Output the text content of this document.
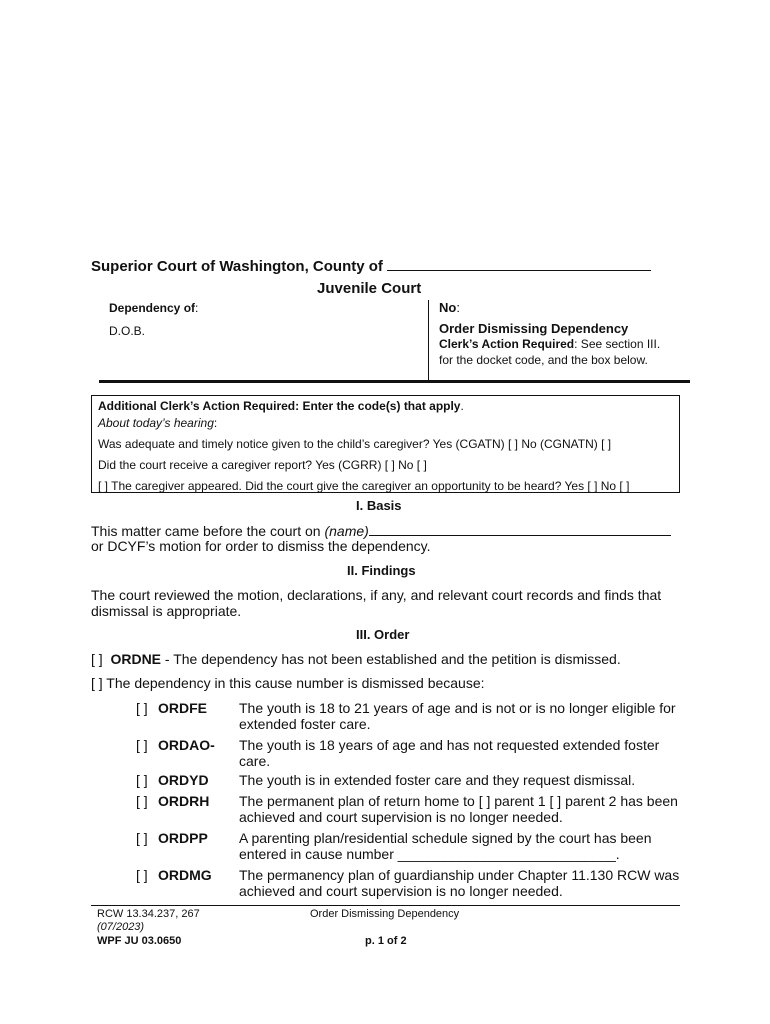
Superior Court of Washington, County of
Juvenile Court
Dependency of:
D.O.B.
No:
Order Dismissing Dependency
Clerk’s Action Required: See section III.
for the docket code, and the box below.
Additional Clerk’s Action Required: Enter the code(s) that apply.
About today’s hearing:
Was adequate and timely notice given to the child’s caregiver? Yes (CGATN) [ ] No (CGNATN) [ ]
Did the court receive a caregiver report? Yes (CGRR) [ ] No [ ]
[ ] The caregiver appeared. Did the court give the caregiver an opportunity to be heard? Yes [ ] No [ ]
I. Basis
This matter came before the court on (name)
or DCYF’s motion for order to dismiss the dependency.
II. Findings
The court reviewed the motion, declarations, if any, and relevant court records and finds that
dismissal is appropriate.
III. Order
[ ] ORDNE - The dependency has not been established and the petition is dismissed.
[ ] The dependency in this cause number is dismissed because:
[ ] ORDFE The youth is 18 to 21 years of age and is not or is no longer eligible for extended foster care.
[ ] ORDAO- The youth is 18 years of age and has not requested extended foster care.
[ ] ORDYD The youth is in extended foster care and they request dismissal.
[ ] ORDRH The permanent plan of return home to [ ] parent 1 [ ] parent 2 has been achieved and court supervision is no longer needed.
[ ] ORDPP A parenting plan/residential schedule signed by the court has been entered in cause number ____________________________.
[ ] ORDMG The permanency plan of guardianship under Chapter 11.130 RCW was achieved and court supervision is no longer needed.
RCW 13.34.237, 267
(07/2023)
WPF JU 03.0650
Order Dismissing Dependency
p. 1 of 2
